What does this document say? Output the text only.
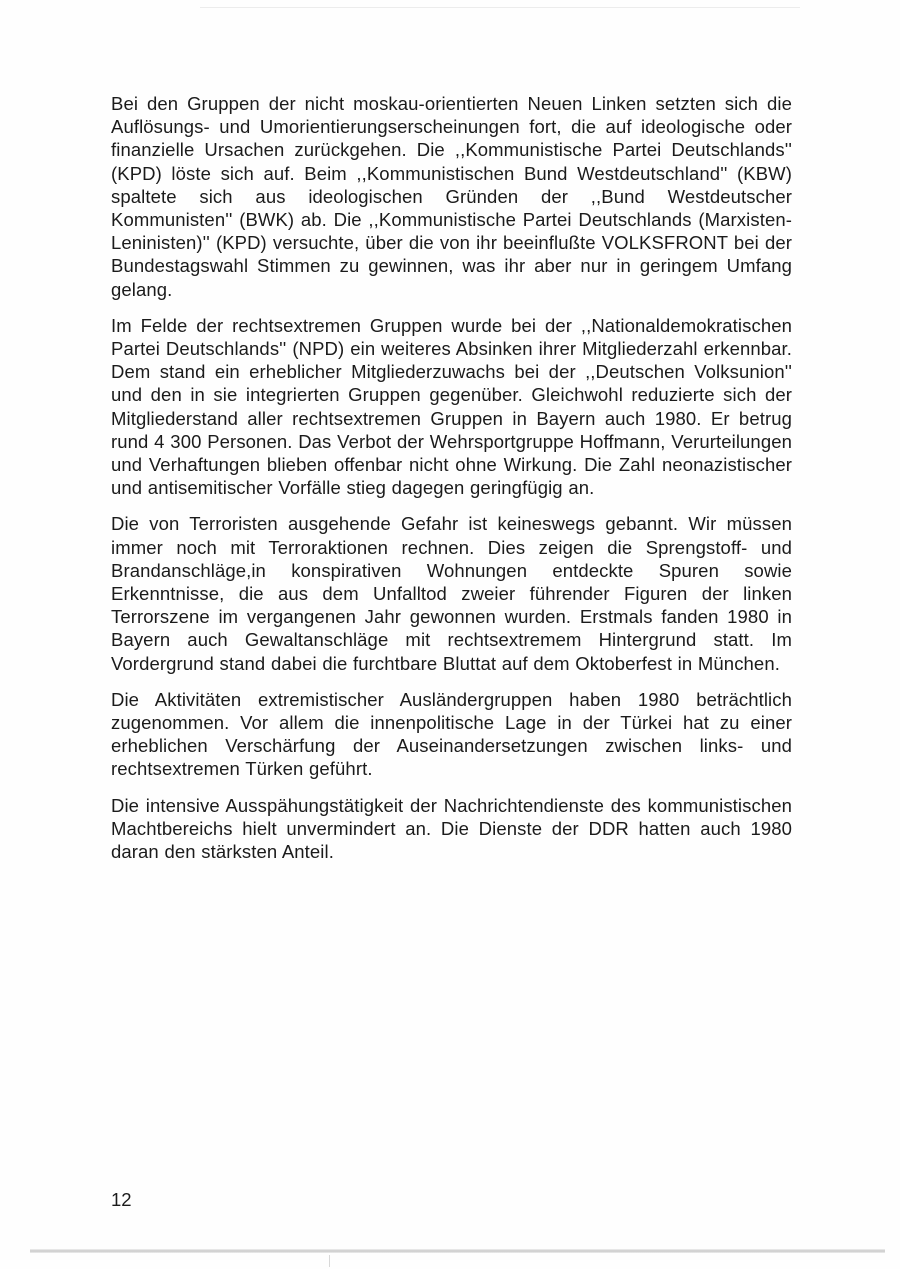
Bei den Gruppen der nicht moskau-orientierten Neuen Linken setzten sich die Auflösungs- und Umorientierungserscheinungen fort, die auf ideologische oder finanzielle Ursachen zurückgehen. Die ,,Kommunistische Partei Deutschlands'' (KPD) löste sich auf. Beim ,,Kommunistischen Bund Westdeutschland'' (KBW) spaltete sich aus ideologischen Gründen der ,,Bund Westdeutscher Kommunisten'' (BWK) ab. Die ,,Kommunistische Partei Deutschlands (Marxisten-Leninisten)'' (KPD) versuchte, über die von ihr beeinflußte VOLKSFRONT bei der Bundestagswahl Stimmen zu gewinnen, was ihr aber nur in geringem Umfang gelang.

Im Felde der rechtsextremen Gruppen wurde bei der ,,Nationaldemokratischen Partei Deutschlands'' (NPD) ein weiteres Absinken ihrer Mitgliederzahl erkennbar. Dem stand ein erheblicher Mitgliederzuwachs bei der ,,Deutschen Volksunion'' und den in sie integrierten Gruppen gegenüber. Gleichwohl reduzierte sich der Mitgliederstand aller rechtsextremen Gruppen in Bayern auch 1980. Er betrug rund 4 300 Personen. Das Verbot der Wehrsportgruppe Hoffmann, Verurteilungen und Verhaftungen blieben offenbar nicht ohne Wirkung. Die Zahl neonazistischer und antisemitischer Vorfälle stieg dagegen geringfügig an.

Die von Terroristen ausgehende Gefahr ist keineswegs gebannt. Wir müssen immer noch mit Terroraktionen rechnen. Dies zeigen die Sprengstoff- und Brandanschläge,in konspirativen Wohnungen entdeckte Spuren sowie Erkenntnisse, die aus dem Unfalltod zweier führender Figuren der linken Terrorszene im vergangenen Jahr gewonnen wurden. Erstmals fanden 1980 in Bayern auch Gewaltanschläge mit rechtsextremem Hintergrund statt. Im Vordergrund stand dabei die furchtbare Bluttat auf dem Oktoberfest in München.

Die Aktivitäten extremistischer Ausländergruppen haben 1980 beträchtlich zugenommen. Vor allem die innenpolitische Lage in der Türkei hat zu einer erheblichen Verschärfung der Auseinandersetzungen zwischen links- und rechtsextremen Türken geführt.

Die intensive Ausspähungstätigkeit der Nachrichtendienste des kommunistischen Machtbereichs hielt unvermindert an. Die Dienste der DDR hatten auch 1980 daran den stärksten Anteil.

12
